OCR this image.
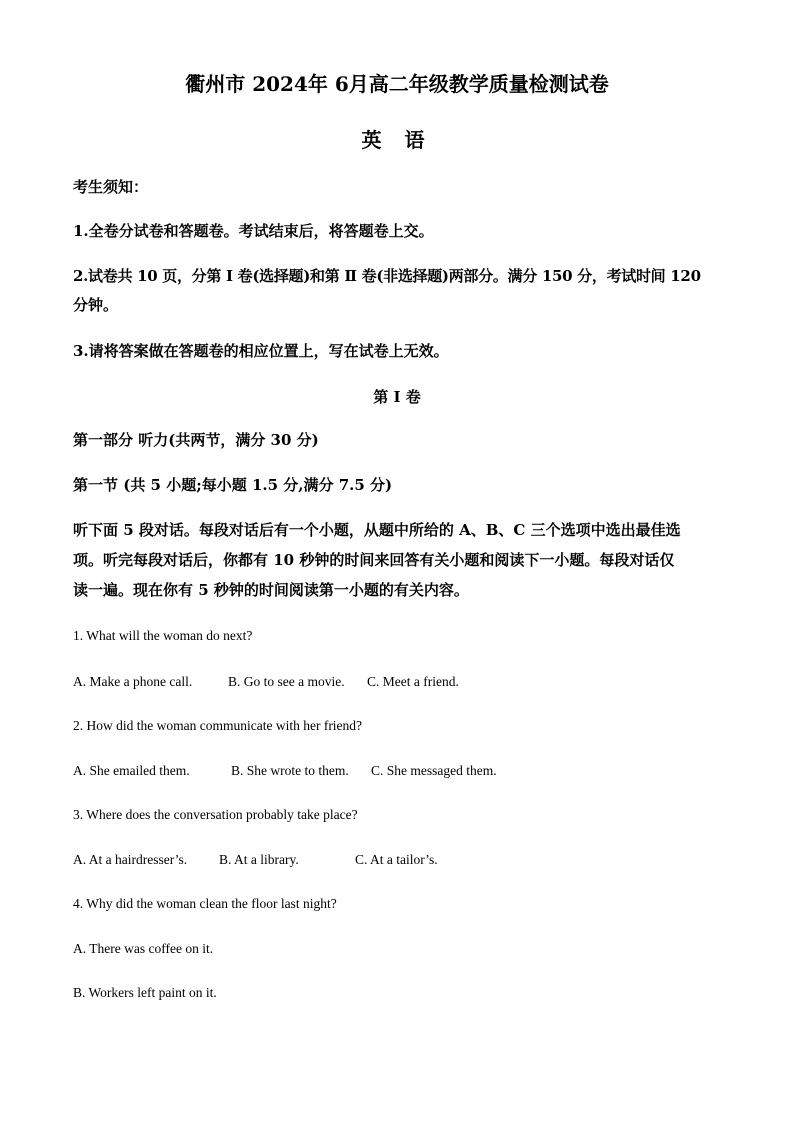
衢州市 2024年 6月高二年级教学质量检测试卷
英 语
考生须知：
1.全卷分试卷和答题卷。考试结束后，将答题卷上交。
2.试卷共 10 页，分第 Ⅰ 卷(选择题)和第 Ⅱ 卷(非选择题)两部分。满分 150 分，考试时间 120
分钟。
3.请将答案做在答题卷的相应位置上，写在试卷上无效。
第 I 卷
第一部分 听力(共两节，满分 30 分)
第一节 (共 5 小题;每小题 1.5 分,满分 7.5 分)
听下面 5 段对话。每段对话后有一个小题，从题中所给的 A、B、C 三个选项中选出最佳选
项。听完每段对话后，你都有 10 秒钟的时间来回答有关小题和阅读下一小题。每段对话仅
读一遍。现在你有 5 秒钟的时间阅读第一小题的有关内容。
1. What will the woman do next?
A. Make a phone call.	B. Go to see a movie. C. Meet a friend.
2. How did the woman communicate with her friend?
A. She emailed them.	B. She wrote to them. C. She messaged them.
3. Where does the conversation probably take place?
A. At a hairdresser’s. B. At a library.	C. At a tailor’s.
4. Why did the woman clean the floor last night?
A. There was coffee on it.
B. Workers left paint on it.
